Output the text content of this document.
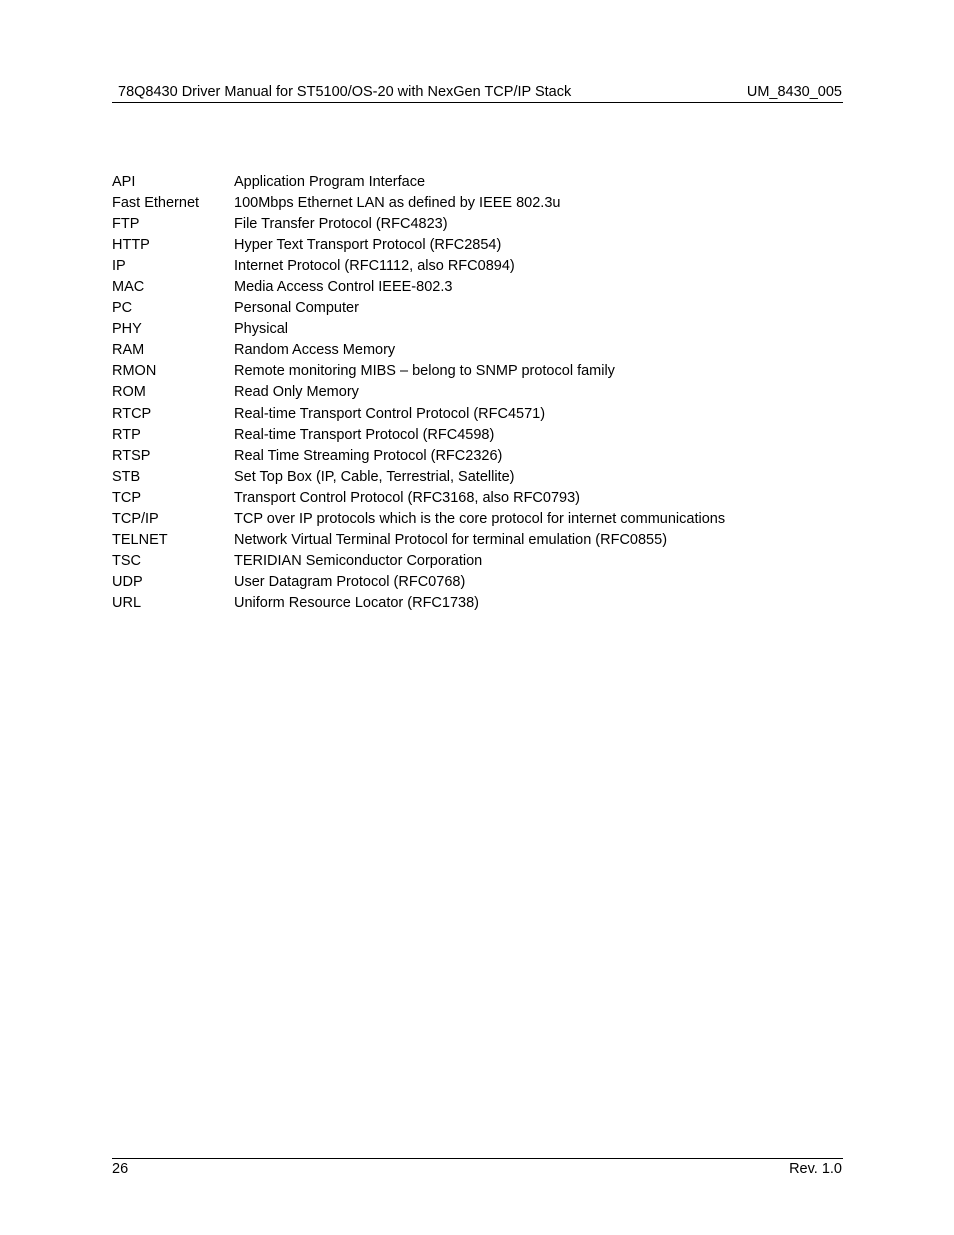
78Q8430 Driver Manual for ST5100/OS-20 with NexGen TCP/IP Stack	UM_8430_005
API	Application Program Interface
Fast Ethernet	100Mbps Ethernet LAN as defined by IEEE 802.3u
FTP	File Transfer Protocol (RFC4823)
HTTP	Hyper Text Transport Protocol (RFC2854)
IP	Internet Protocol (RFC1112, also RFC0894)
MAC	Media Access Control IEEE-802.3
PC	Personal Computer
PHY	Physical
RAM	Random Access Memory
RMON	Remote monitoring MIBS – belong to SNMP protocol family
ROM	Read Only Memory
RTCP	Real-time Transport Control Protocol (RFC4571)
RTP	Real-time Transport Protocol (RFC4598)
RTSP	Real Time Streaming Protocol (RFC2326)
STB	Set Top Box (IP, Cable, Terrestrial, Satellite)
TCP	Transport Control Protocol (RFC3168, also RFC0793)
TCP/IP	TCP over IP protocols which is the core protocol for internet communications
TELNET	Network Virtual Terminal Protocol for terminal emulation (RFC0855)
TSC	TERIDIAN Semiconductor Corporation
UDP	User Datagram Protocol (RFC0768)
URL	Uniform Resource Locator (RFC1738)
26	Rev. 1.0
